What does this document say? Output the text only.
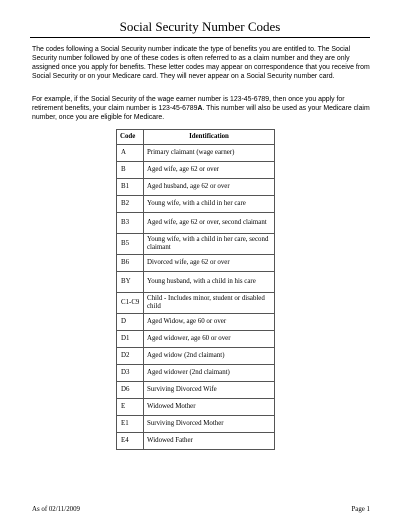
Social Security Number Codes

The codes following a Social Security number indicate the type of benefits you are entitled to. The Social Security number followed by one of these codes is often referred to as a claim number and they are only assigned once you apply for benefits. These letter codes may appear on correspondence that you receive from Social Security or on your Medicare card. They will never appear on a Social Security number card.

For example, if the Social Security of the wage earner number is 123-45-6789, then once you apply for retirement benefits, your claim number is 123-45-6789A. This number will also be used as your Medicare claim number, once you are eligible for Medicare.

Code	Identification
A	Primary claimant (wage earner)
B	Aged wife, age 62 or over
B1	Aged husband, age 62 or over
B2	Young wife, with a child in her care
B3	Aged wife, age 62 or over, second claimant
B5	Young wife, with a child in her care, second claimant
B6	Divorced wife, age 62 or over
BY	Young husband, with a child in his care
C1-C9	Child - Includes minor, student or disabled child
D	Aged Widow, age 60 or over
D1	Aged widower, age 60 or over
D2	Aged widow (2nd claimant)
D3	Aged widower (2nd claimant)
D6	Surviving Divorced Wife
E	Widowed Mother
E1	Surviving Divorced Mother
E4	Widowed Father
As of 02/11/2009	Page 1
